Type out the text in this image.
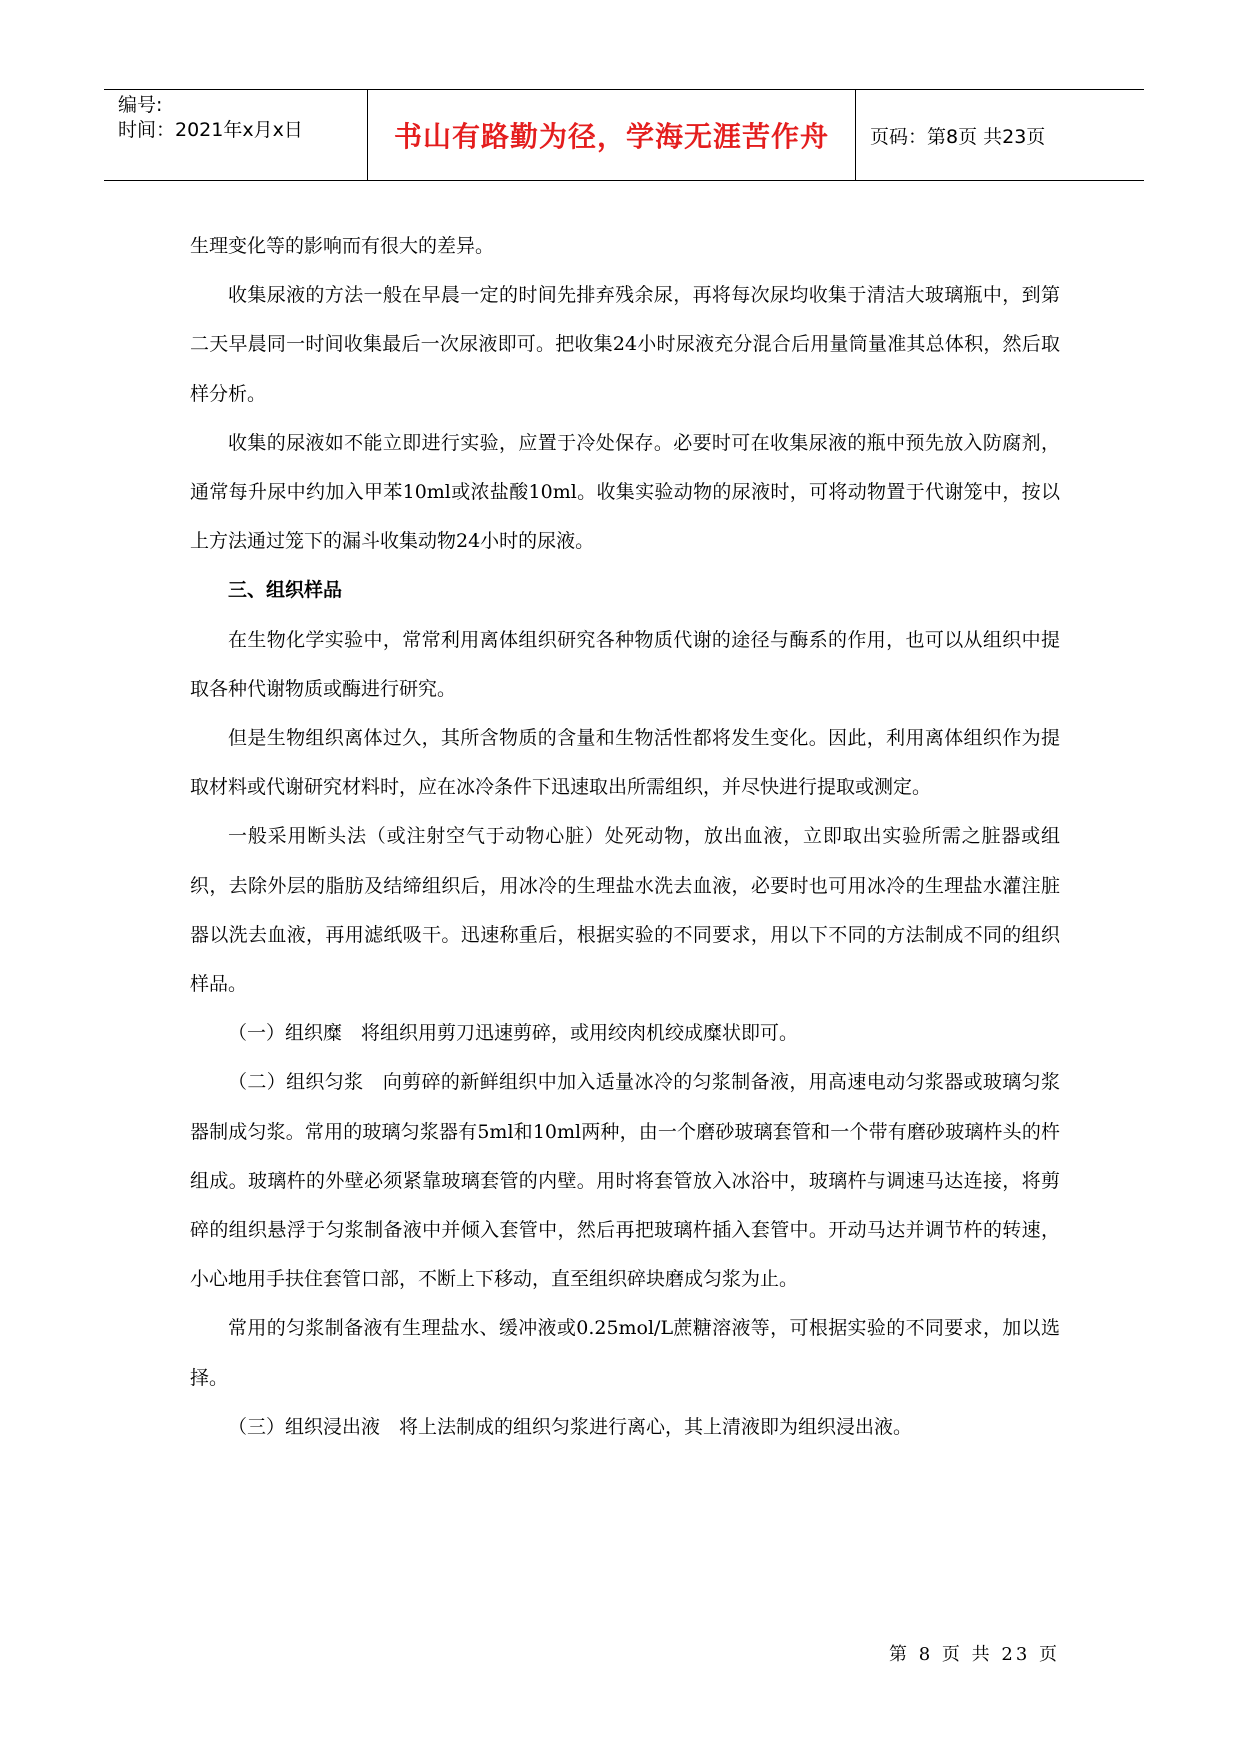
编号:
时间：2021年x月x日	书山有路勤为径，学海无涯苦作舟 页码：第8页 共23页

生理变化等的影响而有很大的差异。

收集尿液的方法一般在早晨一定的时间先排弃残余尿，再将每次尿均收集于清洁大玻璃瓶中，到第二天早晨同一时间收集最后一次尿液即可。把收集24小时尿液充分混合后用量筒量准其总体积，然后取样分析。

收集的尿液如不能立即进行实验，应置于冷处保存。必要时可在收集尿液的瓶中预先放入防腐剂，通常每升尿中约加入甲苯10ml或浓盐酸10ml。收集实验动物的尿液时，可将动物置于代谢笼中，按以上方法通过笼下的漏斗收集动物24小时的尿液。

三、组织样品

在生物化学实验中，常常利用离体组织研究各种物质代谢的途径与酶系的作用，也可以从组织中提取各种代谢物质或酶进行研究。

但是生物组织离体过久，其所含物质的含量和生物活性都将发生变化。因此，利用离体组织作为提取材料或代谢研究材料时，应在冰冷条件下迅速取出所需组织，并尽快进行提取或测定。

一般采用断头法（或注射空气于动物心脏）处死动物，放出血液，立即取出实验所需之脏器或组织，去除外层的脂肪及结缔组织后，用冰冷的生理盐水洗去血液，必要时也可用冰冷的生理盐水灌注脏器以洗去血液，再用滤纸吸干。迅速称重后，根据实验的不同要求，用以下不同的方法制成不同的组织样品。

（一）组织糜　将组织用剪刀迅速剪碎，或用绞肉机绞成糜状即可。

（二）组织匀浆　向剪碎的新鲜组织中加入适量冰冷的匀浆制备液，用高速电动匀浆器或玻璃匀浆器制成匀浆。常用的玻璃匀浆器有5ml和10ml两种，由一个磨砂玻璃套管和一个带有磨砂玻璃杵头的杵组成。玻璃杵的外壁必须紧靠玻璃套管的内壁。用时将套管放入冰浴中，玻璃杵与调速马达连接，将剪碎的组织悬浮于匀浆制备液中并倾入套管中，然后再把玻璃杵插入套管中。开动马达并调节杵的转速，小心地用手扶住套管口部，不断上下移动，直至组织碎块磨成匀浆为止。

常用的匀浆制备液有生理盐水、缓冲液或0.25mol/L蔗糖溶液等，可根据实验的不同要求，加以选择。

（三）组织浸出液　将上法制成的组织匀浆进行离心，其上清液即为组织浸出液。

第 8 页 共 23 页
